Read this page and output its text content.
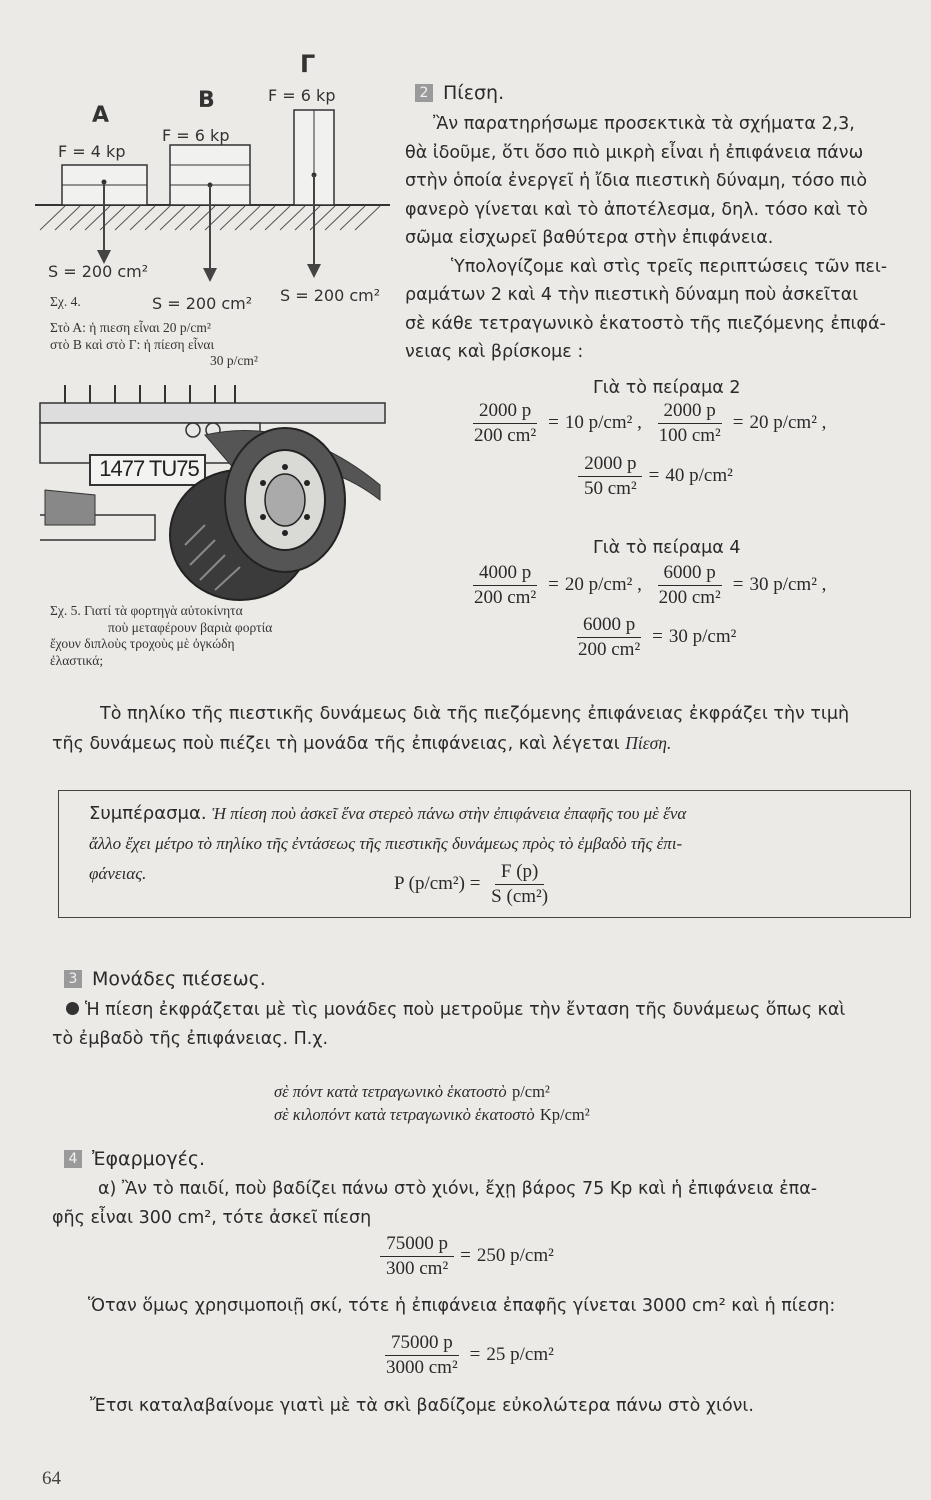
Α
Β
Γ
F = 4 kp
F = 6 kp
F = 6 kp
S = 200 cm²
S = 200 cm² S = 200 cm²
Σχ. 4.
Στὸ Α: ἡ πιεση εἶναι 20 p/cm²
στὸ Β καὶ στὸ Γ: ἡ πίεση εἶναι
30 p/cm²
1477 TU75
Σχ. 5. Γιατί τὰ φορτηγὰ αὐτοκίνητα
ποὺ μεταφέρουν βαριὰ φορτία
ἔχουν διπλοὺς τροχοὺς μὲ ὀγκώδη
ἐλαστικά;
2 Πίεση.
Ἂν παρατηρήσωμε προσεκτικὰ τὰ σχήματα 2,3,
θὰ ἰδοῦμε, ὅτι ὅσο πιὸ μικρὴ εἶναι ἡ ἐπιφάνεια πάνω
στὴν ὁποία ἐνεργεῖ ἡ ἴδια πιεστικὴ δύναμη, τόσο πιὸ
φανερὸ γίνεται καὶ τὸ ἀποτέλεσμα, δηλ. τόσο καὶ τὸ
σῶμα εἰσχωρεῖ βαθύτερα στὴν ἐπιφάνεια.
Ὑπολογίζομε καὶ στὶς τρεῖς περιπτώσεις τῶν πει-
ραμάτων 2 καὶ 4 τὴν πιεστικὴ δύναμη ποὺ ἀσκεῖται
σὲ κάθε τετραγωνικὸ ἑκατοστὸ τῆς πιεζόμενης ἐπιφά-
νειας καὶ βρίσκομε :
Γιὰ τὸ πείραμα 2
$\frac{2000 p}{\text{200 cm²}} = 10$ p/cm² , $\frac{2000 p}{\text{100 cm²}} = 20$ p/cm² ,
$\frac{2000 p}{\text{50 cm²}} = 40$ p/cm²
Γιὰ τὸ πείραμα 4
$\frac{4000 p}{\text{200 cm²}} = 20$ p/cm² , $\frac{6000 p}{\text{200 cm²}} = 30$ p/cm² ,
$\frac{6000 p}{\text{200 cm²}} = 30$ p/cm²
Τὸ πηλίκο τῆς πιεστικῆς δυνάμεως διὰ τῆς πιεζόμενης ἐπιφάνειας ἐκφράζει τὴν τιμὴ
τῆς δυνάμεως ποὺ πιέζει τὴ μονάδα τῆς ἐπιφάνειας, καὶ λέγεται Πίεση.
Συμπέρασμα. Ἡ πίεση ποὺ ἀσκεῖ ἕνα στερεὸ πάνω στὴν ἐπιφάνεια ἐπαφῆς του μὲ ἕνα
ἄλλο ἔχει μέτρο τὸ πηλίκο τῆς ἐντάσεως τῆς πιεστικῆς δυνάμεως πρὸς τὸ ἐμβαδὸ τῆς ἐπι-
φάνειας.	P $(p/cm^2) = \frac{F (p)}{\text{S (cm²)}}$
3 Μονάδες πιέσεως.
Ἡ πίεση ἐκφράζεται μὲ τὶς μονάδες ποὺ μετροῦμε τὴν ἔνταση τῆς δυνάμεως ὅπως καὶ
τὸ ἐμβαδὸ τῆς ἐπιφάνειας. Π.χ.
σὲ πόντ κατὰ τετραγωνικὸ ἑκατοστὸ p/cm²
σὲ κιλοπόντ κατὰ τετραγωνικὸ ἑκατοστὸ Kp/cm²
4 Ἐφαρμογές.
α) Ἂν τὸ παιδί, ποὺ βαδίζει πάνω στὸ χιόνι, ἔχῃ βάρος 75 Kp καὶ ἡ ἐπιφάνεια ἐπα-
φῆς εἶναι 300 cm², τότε ἀσκεῖ πίεση
$\frac{75000 p}{\text{300 cm²}} = 250$ p/cm²
Ὅταν ὅμως χρησιμοποιῇ σκί, τότε ἡ ἐπιφάνεια ἐπαφῆς γίνεται 3000 cm² καὶ ἡ πίεση:
$\frac{75000 p}{\text{3000 cm²}} = 25$ p/cm²
Ἔτσι καταλαβαίνομε γιατὶ μὲ τὰ σκὶ βαδίζομε εὐκολώτερα πάνω στὸ χιόνι.
64
